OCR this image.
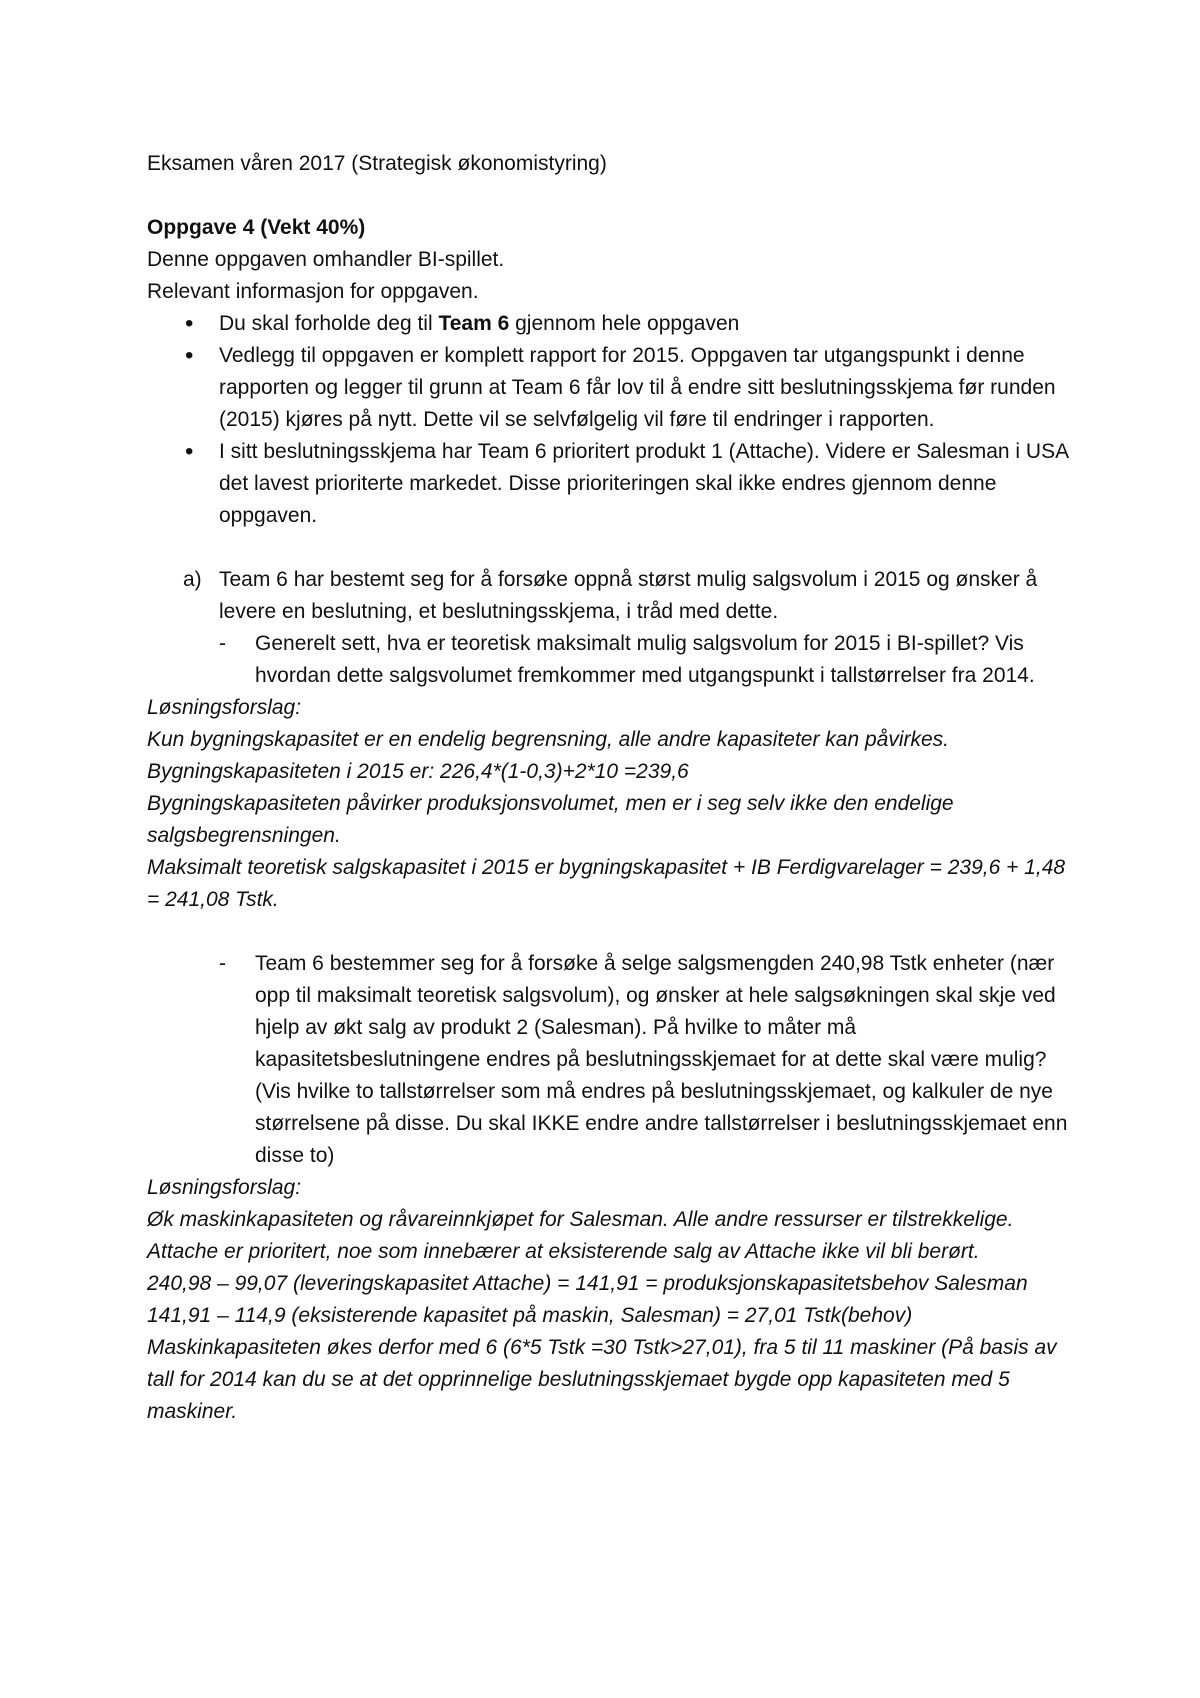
Eksamen våren 2017 (Strategisk økonomistyring)
Oppgave 4 (Vekt 40%)
Denne oppgaven omhandler BI-spillet.
Relevant informasjon for oppgaven.
• Du skal forholde deg til Team 6 gjennom hele oppgaven
• Vedlegg til oppgaven er komplett rapport for 2015. Oppgaven tar utgangspunkt i denne rapporten og legger til grunn at Team 6 får lov til å endre sitt beslutningsskjema før runden (2015) kjøres på nytt. Dette vil se selvfølgelig vil føre til endringer i rapporten.
• I sitt beslutningsskjema har Team 6 prioritert produkt 1 (Attache). Videre er Salesman i USA det lavest prioriterte markedet. Disse prioriteringen skal ikke endres gjennom denne oppgaven.
a) Team 6 har bestemt seg for å forsøke oppnå størst mulig salgsvolum i 2015 og ønsker å levere en beslutning, et beslutningsskjema, i tråd med dette.
- Generelt sett, hva er teoretisk maksimalt mulig salgsvolum for 2015 i BI-spillet? Vis hvordan dette salgsvolumet fremkommer med utgangspunkt i tallstørrelser fra 2014.
Løsningsforslag:
Kun bygningskapasitet er en endelig begrensning, alle andre kapasiteter kan påvirkes.
Bygningskapasiteten i 2015 er: 226,4*(1-0,3)+2*10 =239,6
Bygningskapasiteten påvirker produksjonsvolumet, men er i seg selv ikke den endelige salgsbegrensningen.
Maksimalt teoretisk salgskapasitet i 2015 er bygningskapasitet + IB Ferdigvarelager = 239,6 + 1,48 = 241,08 Tstk.
- Team 6 bestemmer seg for å forsøke å selge salgsmengden 240,98 Tstk enheter (nær opp til maksimalt teoretisk salgsvolum), og ønsker at hele salgsøkningen skal skje ved hjelp av økt salg av produkt 2 (Salesman). På hvilke to måter må kapasitetsbeslutningene endres på beslutningsskjemaet for at dette skal være mulig?
(Vis hvilke to tallstørrelser som må endres på beslutningsskjemaet, og kalkuler de nye størrelsene på disse. Du skal IKKE endre andre tallstørrelser i beslutningsskjemaet enn disse to)
Løsningsforslag:
Øk maskinkapasiteten og råvareinnkjøpet for Salesman. Alle andre ressurser er tilstrekkelige.
Attache er prioritert, noe som innebærer at eksisterende salg av Attache ikke vil bli berørt.
240,98 – 99,07 (leveringskapasitet Attache) = 141,91 = produksjonskapasitetsbehov Salesman
141,91 – 114,9 (eksisterende kapasitet på maskin, Salesman) = 27,01 Tstk(behov)
Maskinkapasiteten økes derfor med 6 (6*5 Tstk =30 Tstk>27,01), fra 5 til 11 maskiner (På basis av tall for 2014 kan du se at det opprinnelige beslutningsskjemaet bygde opp kapasiteten med 5 maskiner.
